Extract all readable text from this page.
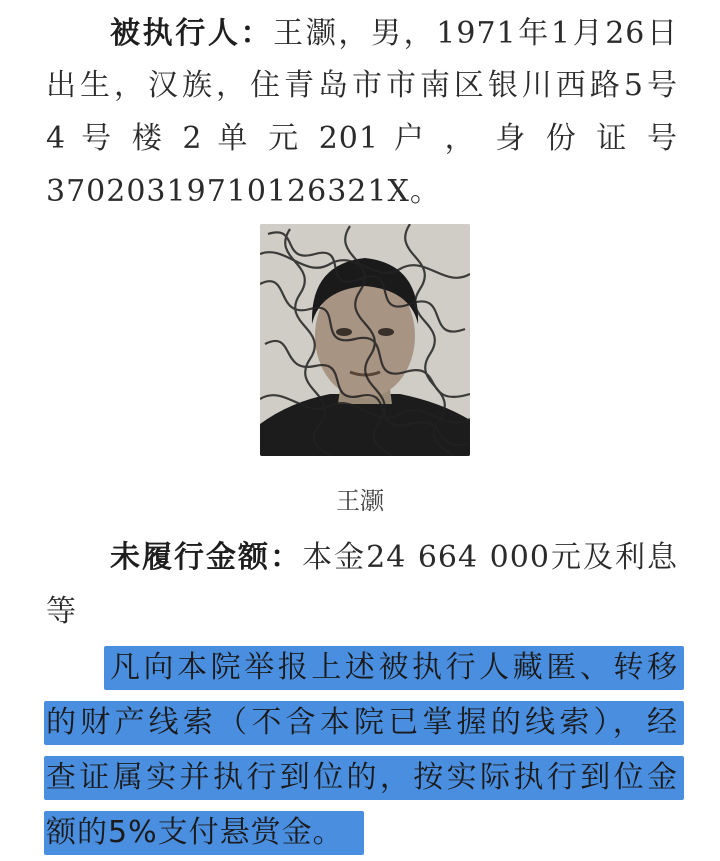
被执行人：王灏，男，1971年1月26日
出生，汉族，住青岛市市南区银川西路5号
4 号 楼 2 单 元 201 户 ， 身 份 证 号
37020319710126321X。
王灏
未履行金额：本金24 664 000元及利息
等
凡向本院举报上述被执行人藏匿、转移
的财产线索（不含本院已掌握的线索），经
查证属实并执行到位的，按实际执行到位金
额的5%支付悬赏金。
